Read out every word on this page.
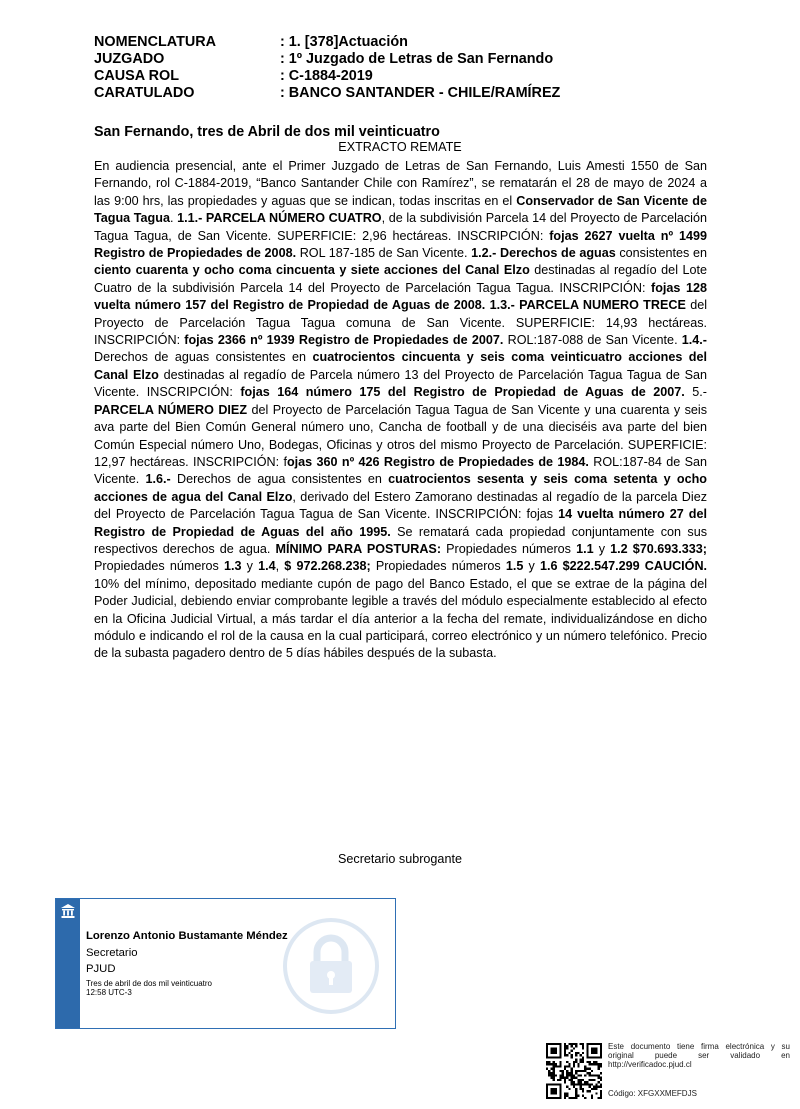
NOMENCLATURA	: 1. [378]Actuación
JUZGADO	: 1º Juzgado de Letras de San Fernando
CAUSA ROL	: C-1884-2019
CARATULADO	: BANCO SANTANDER - CHILE/RAMÍREZ
San Fernando, tres de Abril de dos mil veinticuatro
EXTRACTO REMATE
En audiencia presencial, ante el Primer Juzgado de Letras de San Fernando, Luis Amesti 1550 de San Fernando, rol C-1884-2019, “Banco Santander Chile con Ramírez”, se rematarán el 28 de mayo de 2024 a las 9:00 hrs, las propiedades y aguas que se indican, todas inscritas en el Conservador de San Vicente de Tagua Tagua. 1.1.- PARCELA NÚMERO CUATRO, de la subdivisión Parcela 14 del Proyecto de Parcelación Tagua Tagua, de San Vicente. SUPERFICIE: 2,96 hectáreas. INSCRIPCIÓN: fojas 2627 vuelta nº 1499 Registro de Propiedades de 2008. ROL 187-185 de San Vicente. 1.2.- Derechos de aguas consistentes en ciento cuarenta y ocho coma cincuenta y siete acciones del Canal Elzo destinadas al regadío del Lote Cuatro de la subdivisión Parcela 14 del Proyecto de Parcelación Tagua Tagua. INSCRIPCIÓN: fojas 128 vuelta número 157 del Registro de Propiedad de Aguas de 2008. 1.3.- PARCELA NUMERO TRECE del Proyecto de Parcelación Tagua Tagua comuna de San Vicente. SUPERFICIE: 14,93 hectáreas. INSCRIPCIÓN: fojas 2366 nº 1939 Registro de Propiedades de 2007. ROL:187-088 de San Vicente. 1.4.- Derechos de aguas consistentes en cuatrocientos cincuenta y seis coma veinticuatro acciones del Canal Elzo destinadas al regadío de Parcela número 13 del Proyecto de Parcelación Tagua Tagua de San Vicente. INSCRIPCIÓN: fojas 164 número 175 del Registro de Propiedad de Aguas de 2007. 5.- PARCELA NÚMERO DIEZ del Proyecto de Parcelación Tagua Tagua de San Vicente y una cuarenta y seis ava parte del Bien Común General número uno, Cancha de football y de una dieciséis ava parte del bien Común Especial número Uno, Bodegas, Oficinas y otros del mismo Proyecto de Parcelación. SUPERFICIE: 12,97 hectáreas. INSCRIPCIÓN: fojas 360 nº 426 Registro de Propiedades de 1984. ROL:187-84 de San Vicente. 1.6.- Derechos de agua consistentes en cuatrocientos sesenta y seis coma setenta y ocho acciones de agua del Canal Elzo, derivado del Estero Zamorano destinadas al regadío de la parcela Diez del Proyecto de Parcelación Tagua Tagua de San Vicente. INSCRIPCIÓN: fojas 14 vuelta número 27 del Registro de Propiedad de Aguas del año 1995. Se rematará cada propiedad conjuntamente con sus respectivos derechos de agua. MÍNIMO PARA POSTURAS: Propiedades números 1.1 y 1.2 $70.693.333; Propiedades números 1.3 y 1.4, $ 972.268.238; Propiedades números 1.5 y 1.6 $222.547.299 CAUCIÓN. 10% del mínimo, depositado mediante cupón de pago del Banco Estado, el que se extrae de la página del Poder Judicial, debiendo enviar comprobante legible a través del módulo especialmente establecido al efecto en la Oficina Judicial Virtual, a más tardar el día anterior a la fecha del remate, individualizándose en dicho módulo e indicando el rol de la causa en la cual participará, correo electrónico y un número telefónico. Precio de la subasta pagadero dentro de 5 días hábiles después de la subasta.
Secretario subrogante
Lorenzo Antonio Bustamante Méndez
Secretario
PJUD
Tres de abril de dos mil veinticuatro
12:58 UTC-3
Este documento tiene firma electrónica y su original puede ser validado en http://verificadoc.pjud.cl
Código: XFGXXMEFDJS
